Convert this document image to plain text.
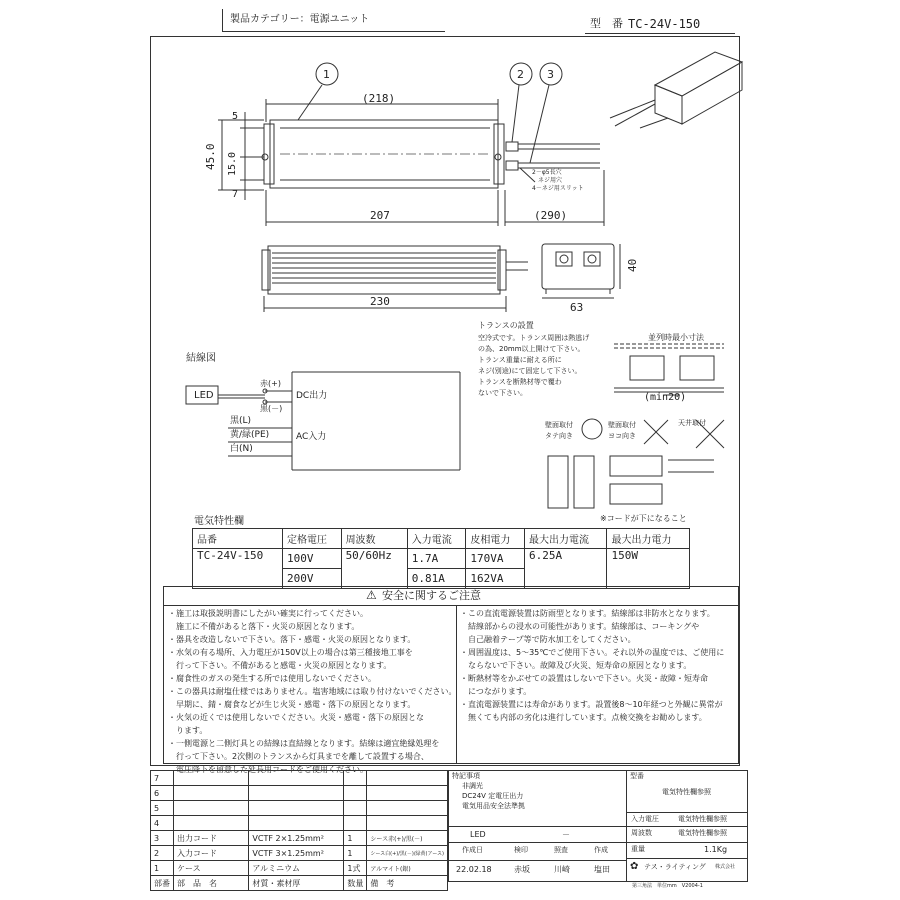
製品カテゴリー：電源ユニット	型　番 TC-24V-150
1	2 3
(218)
207	(290)
230
45.0 15.0
5
7
63
40
2－φ5長穴
ネジ用穴
4－ネジ用スリット
トランスの設置
空冷式です。トランス周囲は熱逃げ
の為、20mm以上開けて下さい。
トランス重量に耐える所に
ネジ(別途)にて固定して下さい。
トランスを断熱材等で覆わ
ないで下さい。
並列時最小寸法
(min20)
壁面取付
タテ向き
壁面取付
ヨコ向き
天井取付
※コードが下になること
結線図
LED
赤(+)
黒(－)
DC出力
黒(L)
黄/緑(PE)
白(N)
AC入力
電気特性欄
品番	定格電圧	周波数	入力電流	皮相電力	最大出力電流	最大出力電力
TC-24V-150	100V	50/60Hz	1.7A	170VA	6.25A	150W
	200V		0.81A	162VA		
⚠ 安全に関するご注意
・施工は取扱説明書にしたがい確実に行ってください。
　施工に不備があると落下・火災の原因となります。
・器具を改造しないで下さい。落下・感電・火災の原因となります。
・水気の有る場所、入力電圧が150V以上の場合は第三種接地工事を
　行って下さい。不備があると感電・火災の原因となります。
・腐食性のガスの発生する所では使用しないでください。
・この器具は耐塩仕様ではありません。塩害地域には取り付けないでください。
　早期に、錆・腐食などが生じ火災・感電・落下の原因となります。
・火気の近くでは使用しないでください。火災・感電・落下の原因とな
　ります。
・一側電源と二側灯具との結線は直結線となります。結線は適宜絶縁処理を
　行って下さい。2次側のトランスから灯具までを離して設置する場合、
　電圧降下を留意した延長用コードをご使用ください。
・この直流電源装置は防雨型となります。結線部は非防水となります。
　結線部からの浸水の可能性があります。結線部は、コーキングや
　自己融着テープ等で防水加工をしてください。
・周囲温度は、5～35℃でご使用下さい。それ以外の温度では、ご使用に
　ならないで下さい。故障及び火災、短寿命の原因となります。
・断熱材等をかぶせての設置はしないで下さい。火災・故障・短寿命
　につながります。
・直流電源装置には寿命があります。設置後8～10年経つと外観に異常が
　無くても内部の劣化は進行しています。点検交換をお勧めします。
7				
6				
5				
4				
3	出力コード	VCTF 2×1.25mm²	1	シース赤(+)/黒(－)
2	入力コード	VCTF 3×1.25mm²	1	シース白(+)/黒(－)/緑黄(アース)
1	ケース	アルミニウム	1式	アルマイト(銀)
部番	部　品　名	材質・素材厚	数量	備　考
特記事項
非調光
DC24V 定電圧出力
電気用品安全法準拠
LED	－
作成日	検印	照査	作成
22.02.18	赤坂	川崎	塩田
型番
電気特性欄参照
入力電圧	電気特性欄参照
周波数	電気特性欄参照
重量	1.1Kg
✿ テス・ライティング 株式会社
第三角法　単位mm　V2004-1
